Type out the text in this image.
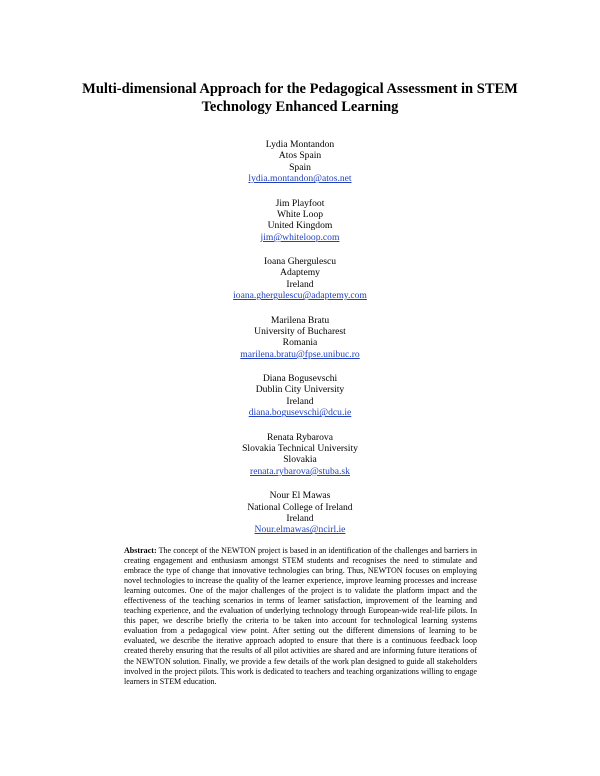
Multi-dimensional Approach for the Pedagogical Assessment in STEM
Technology Enhanced Learning
Lydia Montandon
Atos Spain
Spain
lydia.montandon@atos.net
Jim Playfoot
White Loop
United Kingdom
jim@whiteloop.com
Ioana Ghergulescu
Adaptemy
Ireland
ioana.ghergulescu@adaptemy.com
Marilena Bratu
University of Bucharest
Romania
marilena.bratu@fpse.unibuc.ro
Diana Bogusevschi
Dublin City University
Ireland
diana.bogusevschi@dcu.ie
Renata Rybarova
Slovakia Technical University
Slovakia
renata.rybarova@stuba.sk
Nour El Mawas
National College of Ireland
Ireland
Nour.elmawas@ncirl.ie

Abstract: The concept of the NEWTON project is based in an identification of the challenges and barriers in creating engagement and enthusiasm amongst STEM students and recognises the need to stimulate and embrace the type of change that innovative technologies can bring. Thus, NEWTON focuses on employing novel technologies to increase the quality of the learner experience, improve learning processes and increase learning outcomes. One of the major challenges of the project is to validate the platform impact and the effectiveness of the teaching scenarios in terms of learner satisfaction, improvement of the learning and teaching experience, and the evaluation of underlying technology through European-wide real-life pilots. In this paper, we describe briefly the criteria to be taken into account for technological learning systems evaluation from a pedagogical view point. After setting out the different dimensions of learning to be evaluated, we describe the iterative approach adopted to ensure that there is a continuous feedback loop created thereby ensuring that the results of all pilot activities are shared and are informing future iterations of the NEWTON solution. Finally, we provide a few details of the work plan designed to guide all stakeholders involved in the project pilots. This work is dedicated to teachers and teaching organizations willing to engage learners in STEM education.
